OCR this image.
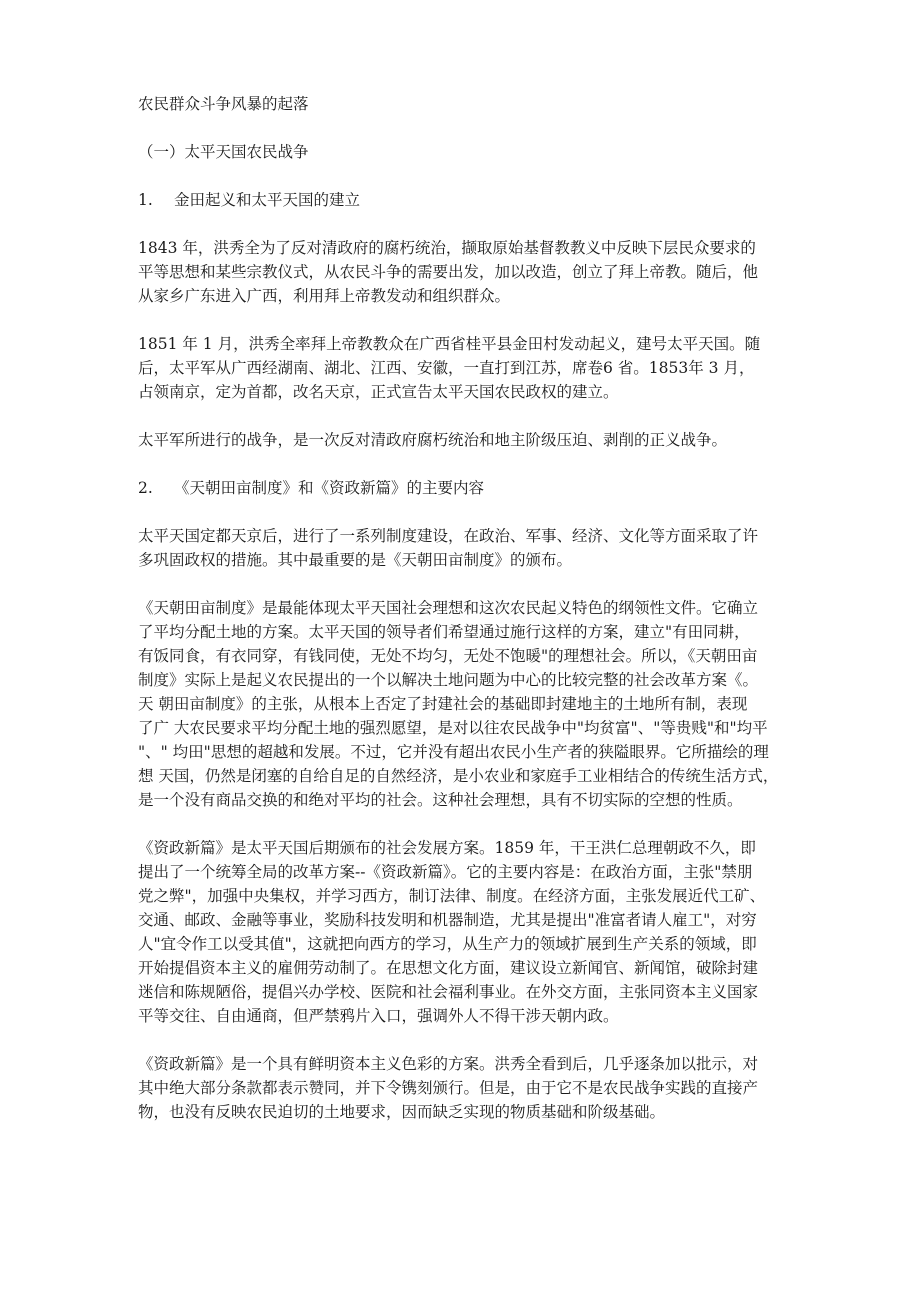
农民群众斗争风暴的起落

（一）太平天国农民战争

1. 金田起义和太平天国的建立

1843 年，洪秀全为了反对清政府的腐朽统治，撷取原始基督教教义中反映下层民众要求的
平等思想和某些宗教仪式，从农民斗争的需要出发，加以改造，创立了拜上帝教。随后，他
从家乡广东进入广西，利用拜上帝教发动和组织群众。

1851 年 1 月，洪秀全率拜上帝教教众在广西省桂平县金田村发动起义，建号太平天国。随
后，太平军从广西经湖南、湖北、江西、安徽，一直打到江苏，席卷6 省。1853年 3 月，
占领南京，定为首都，改名天京，正式宣告太平天国农民政权的建立。

太平军所进行的战争，是一次反对清政府腐朽统治和地主阶级压迫、剥削的正义战争。

2. 《天朝田亩制度》和《资政新篇》的主要内容

太平天国定都天京后，进行了一系列制度建设，在政治、军事、经济、文化等方面采取了许
多巩固政权的措施。其中最重要的是《天朝田亩制度》的颁布。

《天朝田亩制度》是最能体现太平天国社会理想和这次农民起义特色的纲领性文件。它确立
了平均分配土地的方案。太平天国的领导者们希望通过施行这样的方案，建立"有田同耕，
有饭同食，有衣同穿，有钱同使，无处不均匀，无处不饱暖"的理想社会。所以，《天朝田亩
制度》实际上是起义农民提出的一个以解决土地问题为中心的比较完整的社会改革方案《。
天 朝田亩制度》的主张，从根本上否定了封建社会的基础即封建地主的土地所有制，表现
了广 大农民要求平均分配土地的强烈愿望，是对以往农民战争中"均贫富"、"等贵贱"和"均平
"、" 均田"思想的超越和发展。不过，它并没有超出农民小生产者的狭隘眼界。它所描绘的理
想 天国，仍然是闭塞的自给自足的自然经济，是小农业和家庭手工业相结合的传统生活方式，
是一个没有商品交换的和绝对平均的社会。这种社会理想，具有不切实际的空想的性质。

《资政新篇》是太平天国后期颁布的社会发展方案。1859 年，干王洪仁总理朝政不久，即
提出了一个统筹全局的改革方案--《资政新篇》。它的主要内容是：在政治方面，主张"禁朋
党之弊"，加强中央集权，并学习西方，制订法律、制度。在经济方面，主张发展近代工矿、
交通、邮政、金融等事业，奖励科技发明和机器制造，尤其是提出"准富者请人雇工"，对穷
人"宜令作工以受其值"，这就把向西方的学习，从生产力的领域扩展到生产关系的领域，即
开始提倡资本主义的雇佣劳动制了。在思想文化方面，建议设立新闻官、新闻馆，破除封建
迷信和陈规陋俗，提倡兴办学校、医院和社会福利事业。在外交方面，主张同资本主义国家
平等交往、自由通商，但严禁鸦片入口，强调外人不得干涉天朝内政。

《资政新篇》是一个具有鲜明资本主义色彩的方案。洪秀全看到后，几乎逐条加以批示，对
其中绝大部分条款都表示赞同，并下令镌刻颁行。但是，由于它不是农民战争实践的直接产
物，也没有反映农民迫切的土地要求，因而缺乏实现的物质基础和阶级基础。
